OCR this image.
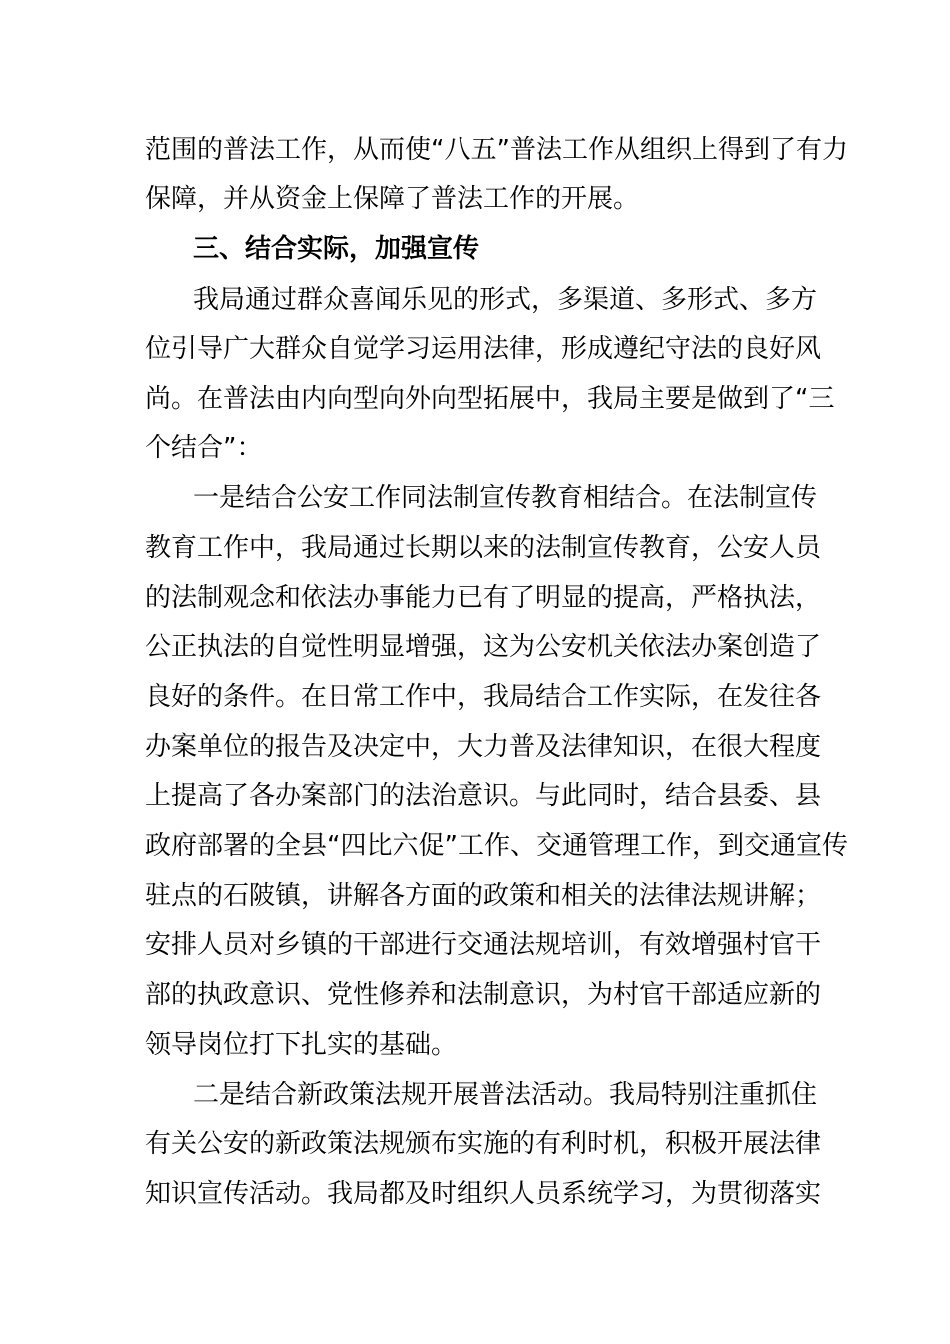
范围的普法工作，从而使“八五”普法工作从组织上得到了有力
保障，并从资金上保障了普法工作的开展。
三、结合实际，加强宣传
我局通过群众喜闻乐见的形式，多渠道、多形式、多方
位引导广大群众自觉学习运用法律，形成遵纪守法的良好风
尚。在普法由内向型向外向型拓展中，我局主要是做到了“三
个结合”：
一是结合公安工作同法制宣传教育相结合。在法制宣传
教育工作中，我局通过长期以来的法制宣传教育，公安人员
的法制观念和依法办事能力已有了明显的提高，严格执法，
公正执法的自觉性明显增强，这为公安机关依法办案创造了
良好的条件。在日常工作中，我局结合工作实际，在发往各
办案单位的报告及决定中，大力普及法律知识，在很大程度
上提高了各办案部门的法治意识。与此同时，结合县委、县
政府部署的全县“四比六促”工作、交通管理工作，到交通宣传
驻点的石陂镇，讲解各方面的政策和相关的法律法规讲解；
安排人员对乡镇的干部进行交通法规培训，有效增强村官干
部的执政意识、党性修养和法制意识，为村官干部适应新的
领导岗位打下扎实的基础。
二是结合新政策法规开展普法活动。我局特别注重抓住
有关公安的新政策法规颁布实施的有利时机，积极开展法律
知识宣传活动。我局都及时组织人员系统学习，为贯彻落实
